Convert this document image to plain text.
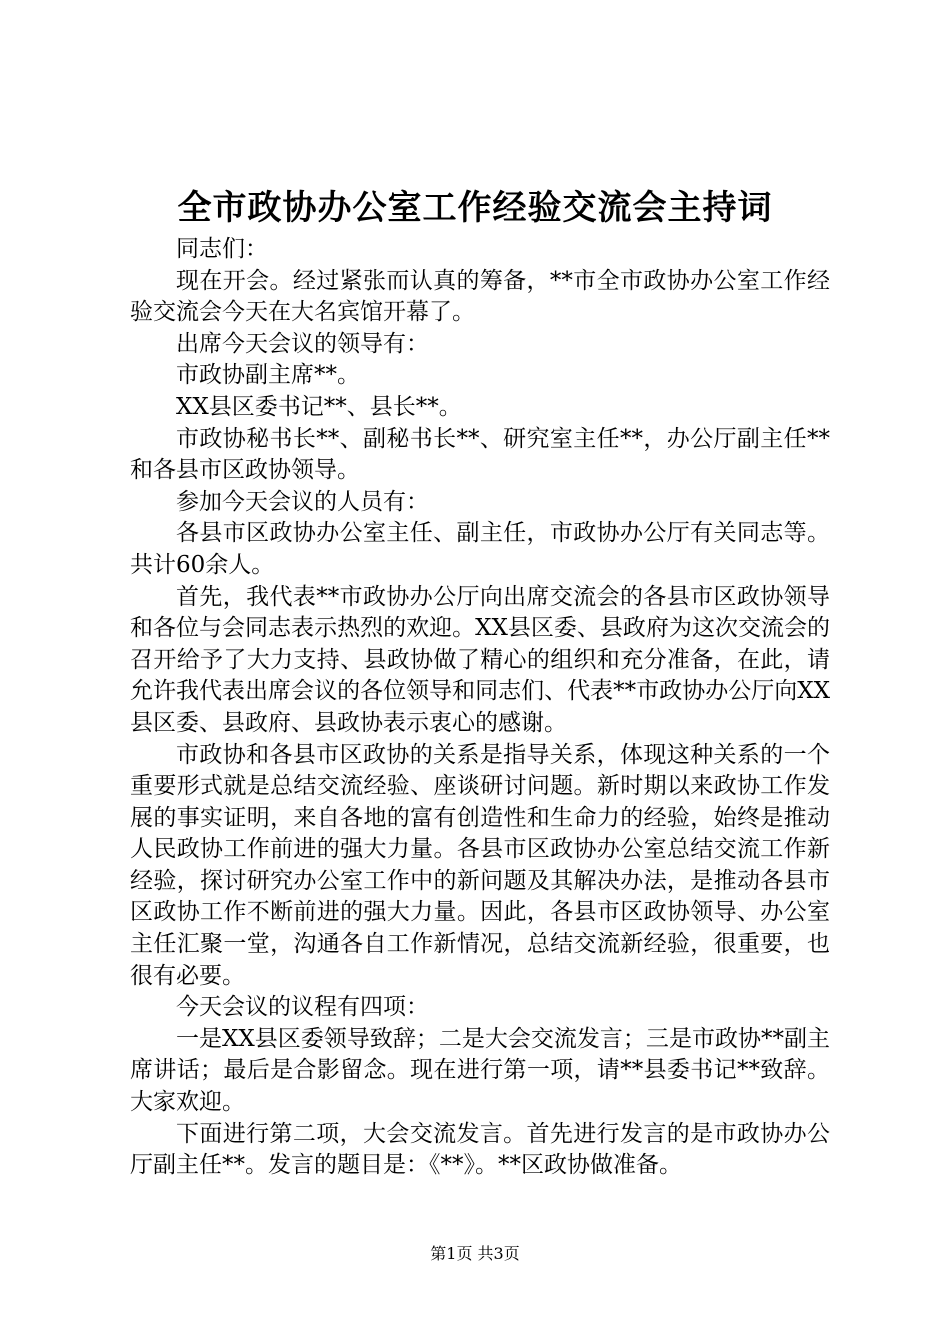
全市政协办公室工作经验交流会主持词

同志们：

现在开会。经过紧张而认真的筹备，**市全市政协办公室工作经验交流会今天在大名宾馆开幕了。

出席今天会议的领导有：

市政协副主席**。

XX县区委书记**、县长**。

市政协秘书长**、副秘书长**、研究室主任**，办公厅副主任**和各县市区政协领导。

参加今天会议的人员有：

各县市区政协办公室主任、副主任，市政协办公厅有关同志等。共计60余人。

首先，我代表**市政协办公厅向出席交流会的各县市区政协领导和各位与会同志表示热烈的欢迎。XX县区委、县政府为这次交流会的召开给予了大力支持、县政协做了精心的组织和充分准备，在此，请允许我代表出席会议的各位领导和同志们、代表**市政协办公厅向XX县区委、县政府、县政协表示衷心的感谢。

市政协和各县市区政协的关系是指导关系，体现这种关系的一个重要形式就是总结交流经验、座谈研讨问题。新时期以来政协工作发展的事实证明，来自各地的富有创造性和生命力的经验，始终是推动人民政协工作前进的强大力量。各县市区政协办公室总结交流工作新经验，探讨研究办公室工作中的新问题及其解决办法，是推动各县市区政协工作不断前进的强大力量。因此，各县市区政协领导、办公室主任汇聚一堂，沟通各自工作新情况，总结交流新经验，很重要，也很有必要。

今天会议的议程有四项：

一是XX县区委领导致辞；二是大会交流发言；三是市政协**副主席讲话；最后是合影留念。现在进行第一项，请**县委书记**致辞。大家欢迎。

下面进行第二项，大会交流发言。首先进行发言的是市政协办公厅副主任**。发言的题目是：《**》。**区政协做准备。

第1页 共3页
